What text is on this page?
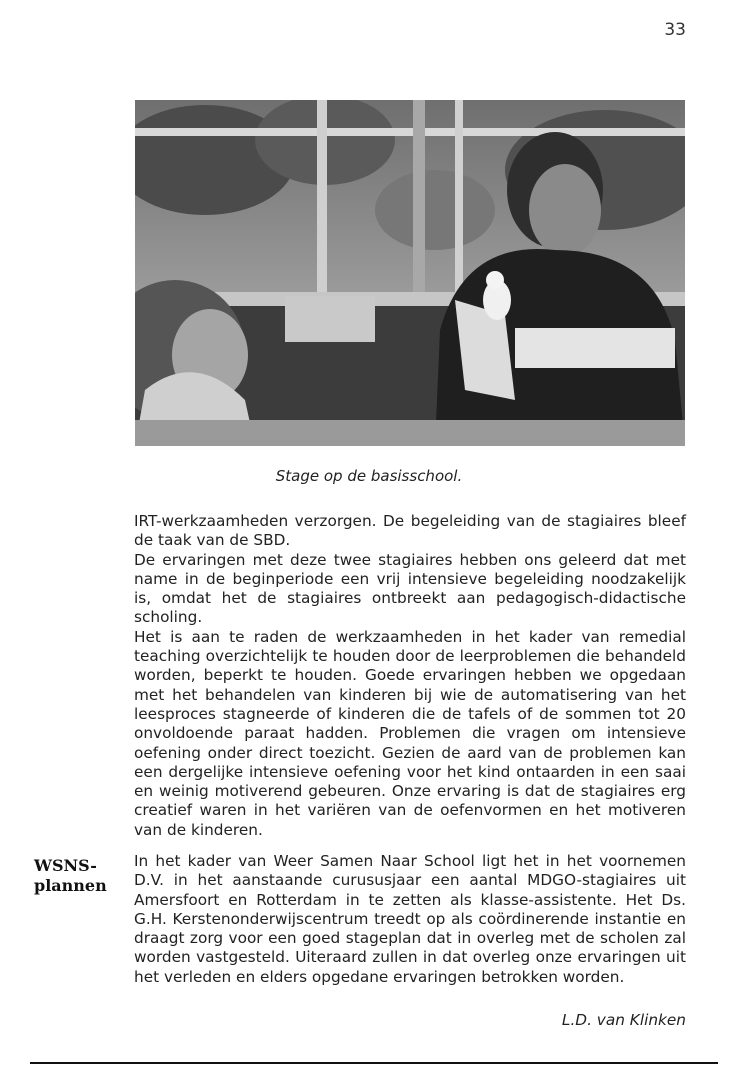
33
Stage op de basisschool.

IRT-werkzaamheden verzorgen. De begeleiding van de stagiaires bleef de taak van de SBD.

De ervaringen met deze twee stagiaires hebben ons geleerd dat met name in de beginperiode een vrij intensieve begeleiding noodzakelijk is, omdat het de stagiaires ontbreekt aan pedagogisch-didactische scholing.

Het is aan te raden de werkzaamheden in het kader van remedial teaching overzichtelijk te houden door de leerproblemen die behandeld worden, beperkt te houden. Goede ervaringen hebben we opgedaan met het behandelen van kinderen bij wie de automatisering van het leesproces stagneerde of kinderen die de tafels of de sommen tot 20 onvoldoende paraat hadden. Problemen die vragen om intensieve oefening onder direct toezicht. Gezien de aard van de problemen kan een dergelijke intensieve oefening voor het kind ontaarden in een saai en weinig motiverend gebeuren. Onze ervaring is dat de stagiaires erg creatief waren in het variëren van de oefenvormen en het motiveren van de kinderen.

WSNS-
plannen

In het kader van Weer Samen Naar School ligt het in het voornemen D.V. in het aanstaande curususjaar een aantal MDGO-stagiaires uit Amersfoort en Rotterdam in te zetten als klasse-assistente. Het Ds. G.H. Kerstenonderwijscentrum treedt op als coördinerende instantie en draagt zorg voor een goed stageplan dat in overleg met de scholen zal worden vastgesteld. Uiteraard zullen in dat overleg onze ervaringen uit het verleden en elders opgedane ervaringen betrokken worden.

L.D. van Klinken
